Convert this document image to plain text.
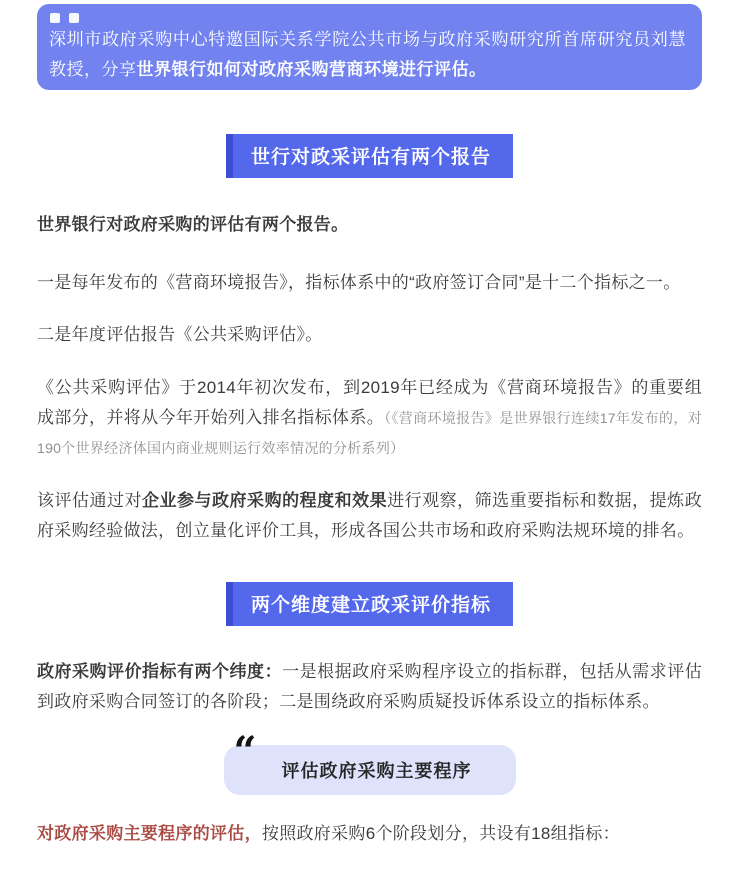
深圳市政府采购中心特邀国际关系学院公共市场与政府采购研究所首席研究员刘慧教授，分享世界银行如何对政府采购营商环境进行评估。
世行对政采评估有两个报告

世界银行对政府采购的评估有两个报告。

一是每年发布的《营商环境报告》，指标体系中的“政府签订合同”是十二个指标之一。

二是年度评估报告《公共采购评估》。

《公共采购评估》于2014年初次发布，到2019年已经成为《营商环境报告》的重要组成部分，并将从今年开始列入排名指标体系。（《营商环境报告》是世界银行连续17年发布的，对190个世界经济体国内商业规则运行效率情况的分析系列）

该评估通过对企业参与政府采购的程度和效果进行观察，筛选重要指标和数据，提炼政府采购经验做法，创立量化评价工具，形成各国公共市场和政府采购法规环境的排名。

两个维度建立政采评价指标

政府采购评价指标有两个纬度：一是根据政府采购程序设立的指标群，包括从需求评估到政府采购合同签订的各阶段；二是围绕政府采购质疑投诉体系设立的指标体系。

“ 评估政府采购主要程序

对政府采购主要程序的评估，按照政府采购6个阶段划分，共设有18组指标：
